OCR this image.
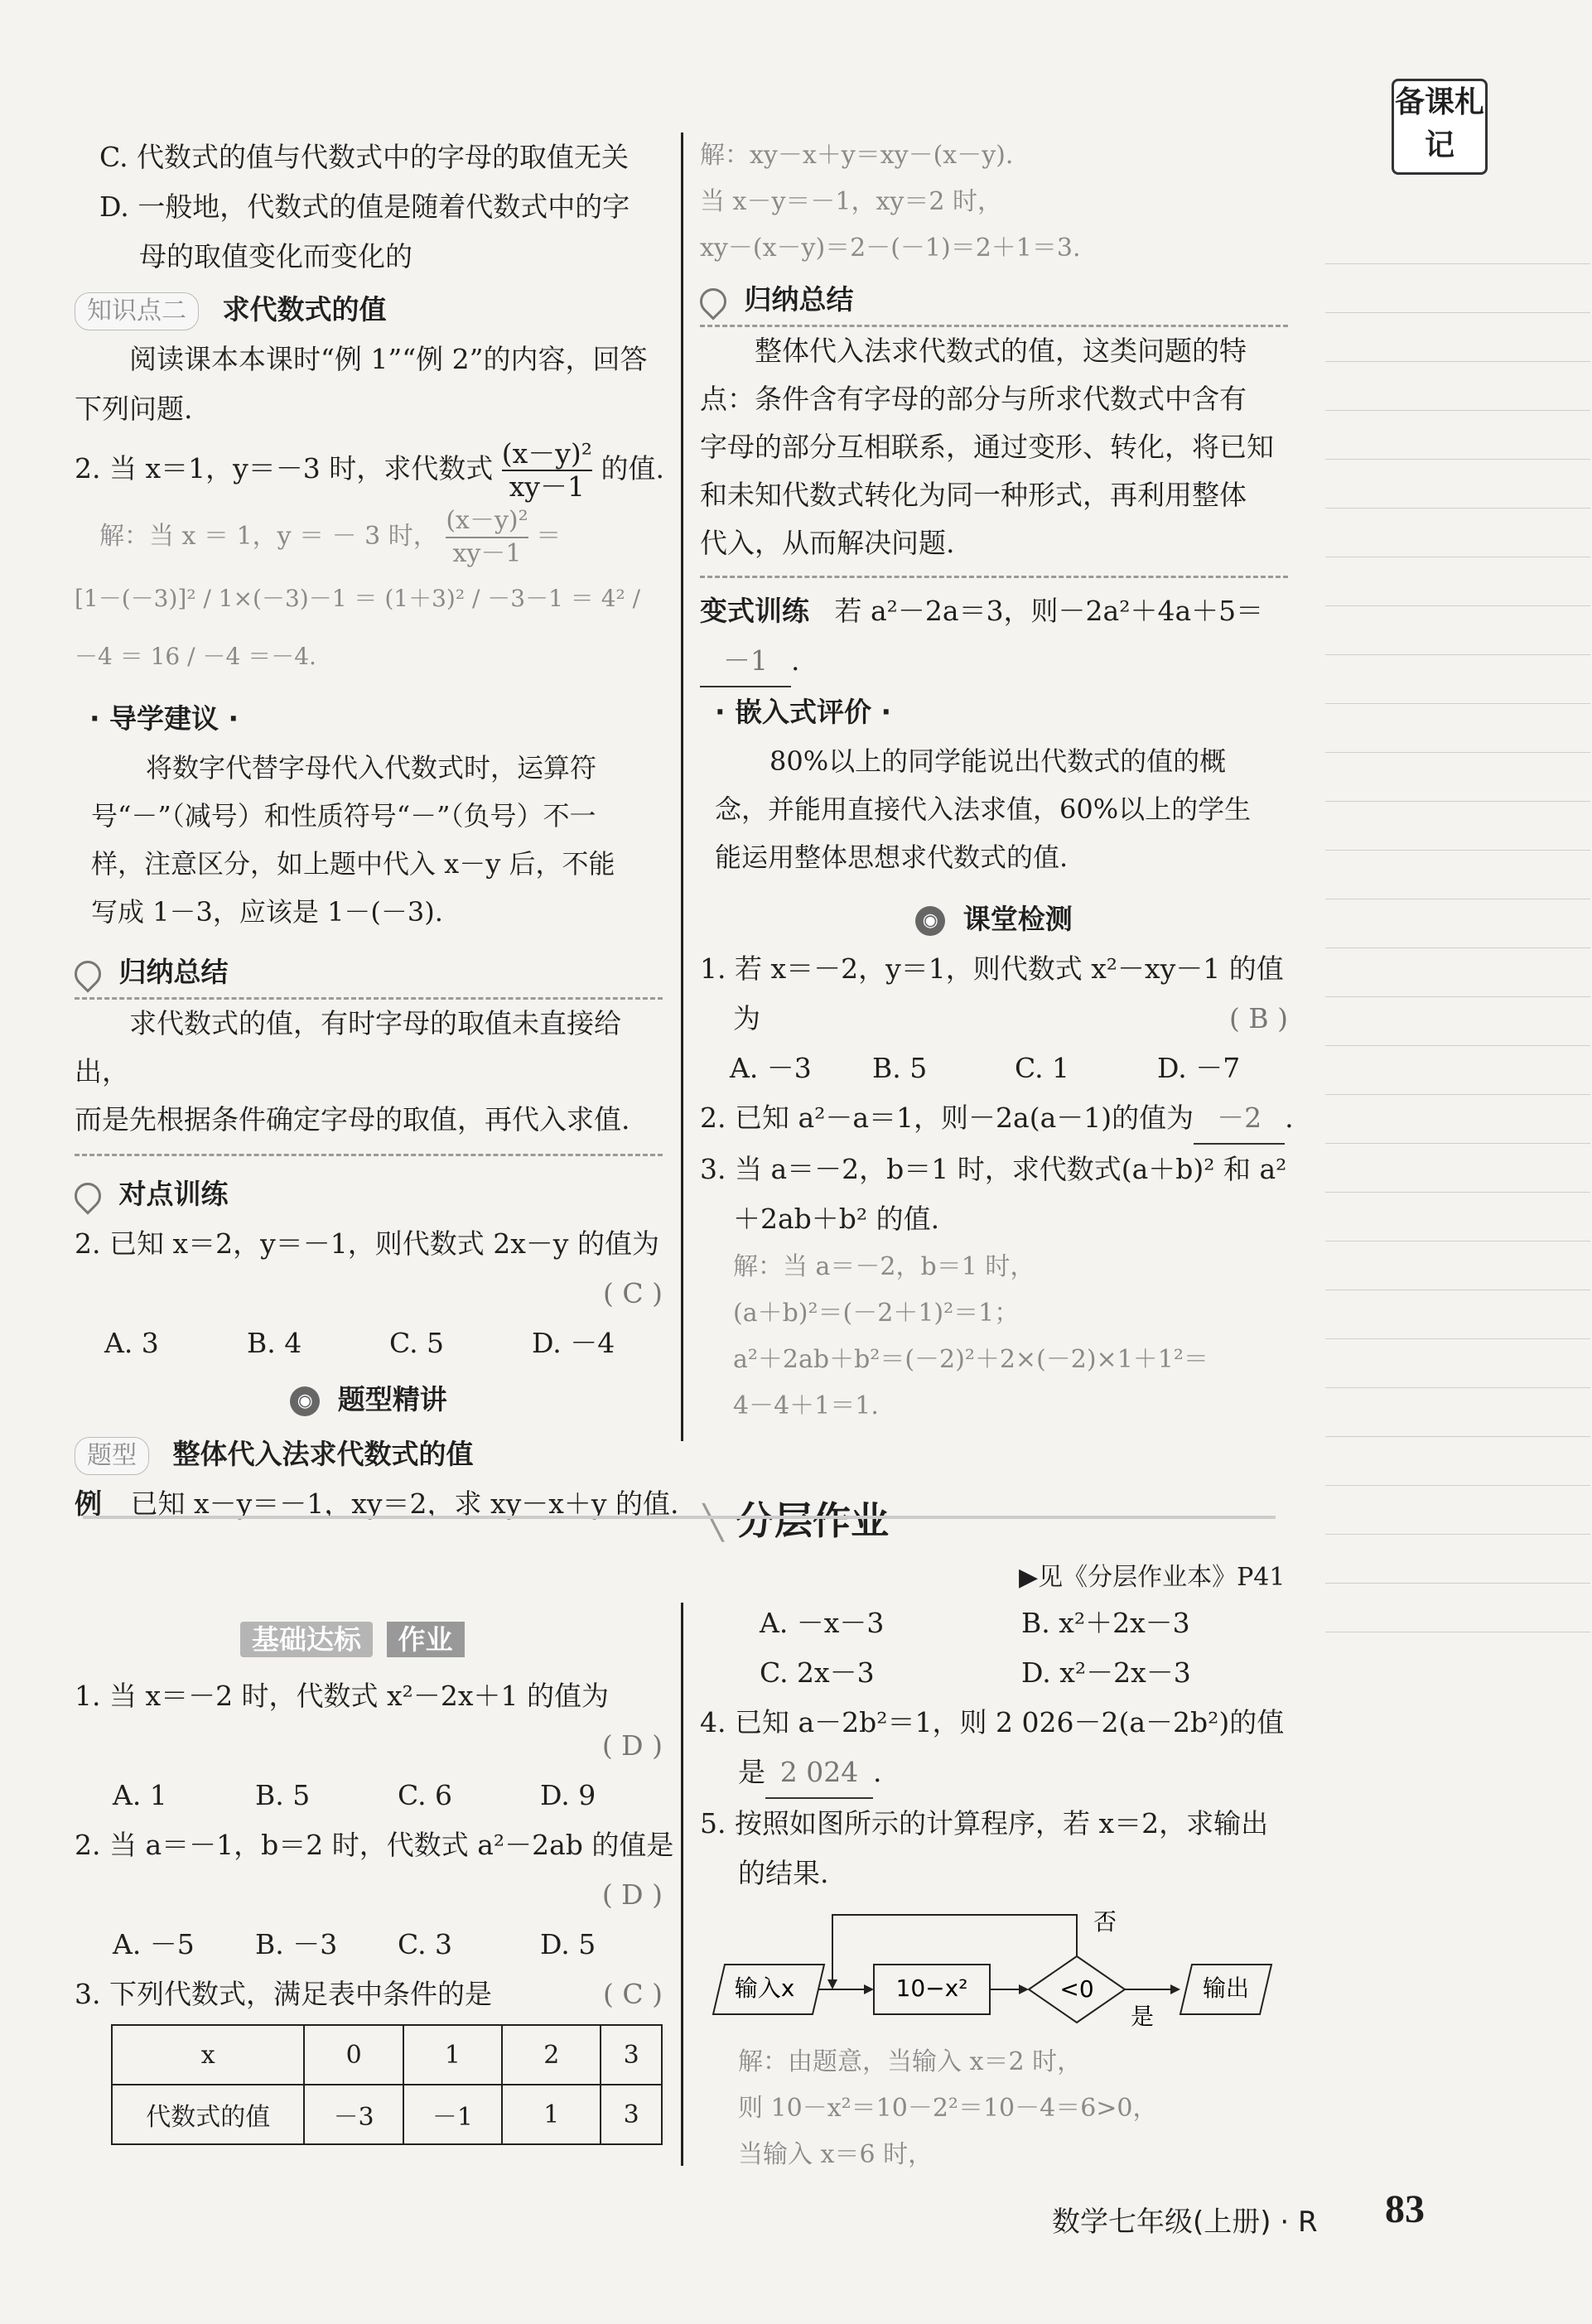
备课札记
C. 代数式的值与代数式中的字母的取值无关
D. 一般地，代数式的值是随着代数式中的字
母的取值变化而变化的
知识点二 求代数式的值
阅读课本本课时“例 1”“例 2”的内容，回答
下列问题.
2. 当 x＝1，y＝－3 时，求代数式 $\frac{\text{(x－y)²}}{xy-1}$ 的值.
解：当 x ＝ 1，y ＝ － 3 时， $\frac{\text{(x－y)²}}{xy-1}$ ＝
[1－(－3)]² / 1×(－3)－1 ＝ (1＋3)² / －3－1 ＝ 4² / －4 ＝ 16 / －4 ＝－4.
· 导学建议 ·
将数字代替字母代入代数式时，运算符
号“－”（减号）和性质符号“－”（负号）不一
样，注意区分，如上题中代入 x－y 后，不能
写成 1－3，应该是 1－(－3).
归纳总结
求代数式的值，有时字母的取值未直接给出，
而是先根据条件确定字母的取值，再代入求值.
对点训练
2. 已知 x＝2，y＝－1，则代数式 2x－y 的值为
( C )
A. 3	B. 4	C. 5	D. －4
◉ 题型精讲
题型 整体代入法求代数式的值
例 已知 x－y＝－1，xy＝2，求 xy－x＋y 的值.
解：xy－x＋y＝xy－(x－y).
当 x－y＝－1，xy＝2 时，
xy－(x－y)＝2－(－1)＝2＋1＝3.
归纳总结
整体代入法求代数式的值，这类问题的特
点：条件含有字母的部分与所求代数式中含有
字母的部分互相联系，通过变形、转化，将已知
和未知代数式转化为同一种形式，再利用整体
代入，从而解决问题.
变式训练 若 a²－2a＝3，则－2a²＋4a＋5＝
－1 .
· 嵌入式评价 ·
80%以上的同学能说出代数式的值的概
念，并能用直接代入法求值，60%以上的学生
能运用整体思想求代数式的值.
◉ 课堂检测
1. 若 x＝－2，y＝1，则代数式 x²－xy－1 的值
为	( B )
A. －3 B. 5	C. 1	D. －7
2. 已知 a²－a＝1，则－2a(a－1)的值为 －2 .
3. 当 a＝－2，b＝1 时，求代数式(a＋b)² 和 a²
＋2ab＋b² 的值.
解：当 a＝－2，b＝1 时，
(a＋b)²＝(－2＋1)²＝1；
a²＋2ab＋b²＝(－2)²＋2×(－2)×1＋1²＝
4－4＋1＝1.
╲ 分层作业
▶见《分层作业本》P41
基础达标 作业
1. 当 x＝－2 时，代数式 x²－2x＋1 的值为
( D )
A. 1	B. 5	C. 6	D. 9
2. 当 a＝－1，b＝2 时，代数式 a²－2ab 的值是
( D )
A. －5 B. －3 C. 3	D. 5
3. 下列代数式，满足表中条件的是	( C )
x	0	1	2	3
代数式的值	－3	－1	1	3
A. －x－3	B. x²＋2x－3
C. 2x－3	D. x²－2x－3
4. 已知 a－2b²＝1，则 2 026－2(a－2b²)的值
是 2 024 .
5. 按照如图所示的计算程序，若 x＝2，求输出
的结果.
输入x	10−x²	<0
否
是
输出
解：由题意，当输入 x＝2 时，
则 10－x²＝10－2²＝10－4＝6>0，
当输入 x＝6 时，
数学七年级(上册) · R 83
